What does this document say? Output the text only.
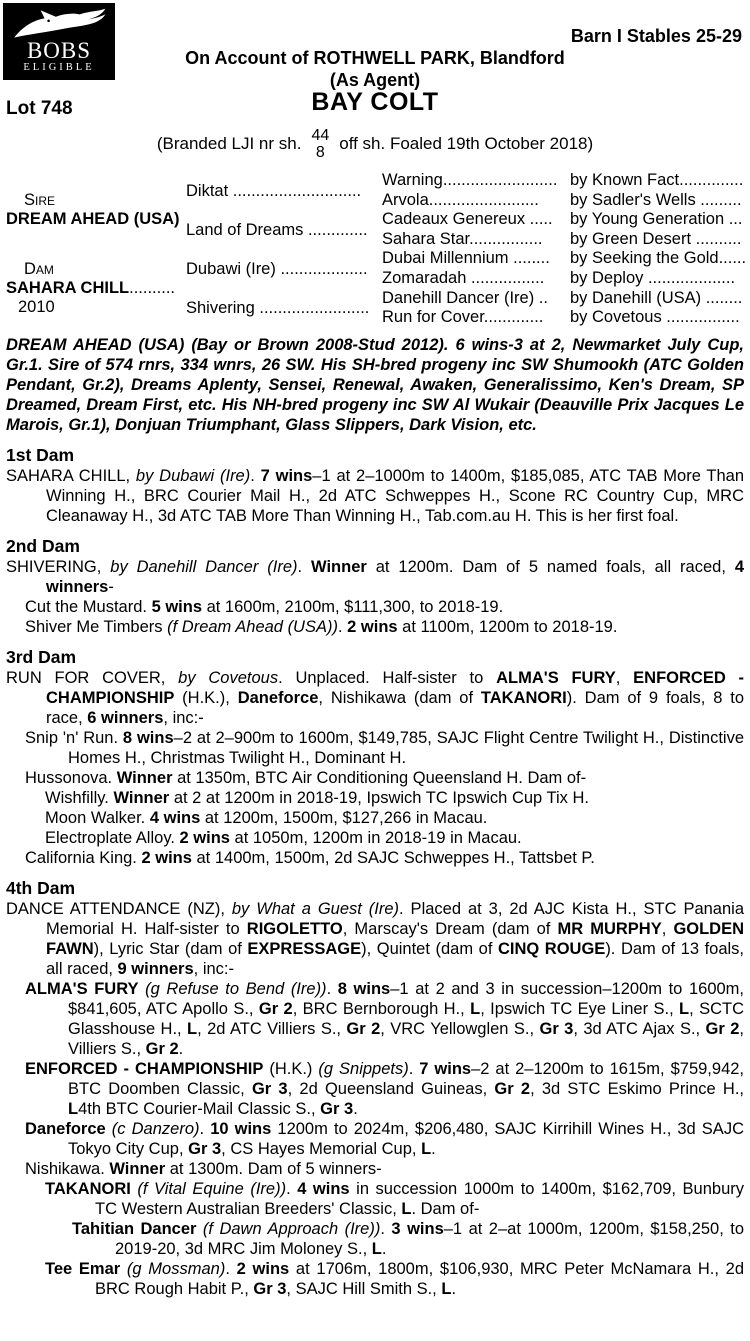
BOBS
ELIGIBLE
Barn I Stables 25-29
On Account of ROTHWELL PARK, Blandford
(As Agent)
Lot 748	BAY COLT
(Branded LJI nr sh. 44
8 off sh. Foaled 19th October 2018)
Sire
DREAM AHEAD (USA)
Dam
SAHARA CHILL..........
2010
Diktat ............................
Land of Dreams .............
Dubawi (Ire) ...................
Shivering ........................
Warning.........................
Arvola........................
Cadeaux Genereux .....
Sahara Star................
Dubai Millennium ........
Zomaradah ................
Danehill Dancer (Ire) ..
Run for Cover.............
by Known Fact..............
by Sadler's Wells .........
by Young Generation ...
by Green Desert ..........
by Seeking the Gold......
by Deploy ...................
by Danehill (USA) ........
by Covetous ................
DREAM AHEAD (USA) (Bay or Brown 2008-Stud 2012). 6 wins-3 at 2, Newmarket July Cup, Gr.1. Sire of 574 rnrs, 334 wnrs, 26 SW. His SH-bred progeny inc SW Shumookh (ATC Golden Pendant, Gr.2), Dreams Aplenty, Sensei, Renewal, Awaken, Generalissimo, Ken's Dream, SP Dreamed, Dream First, etc. His NH-bred progeny inc SW Al Wukair (Deauville Prix Jacques Le Marois, Gr.1), Donjuan Triumphant, Glass Slippers, Dark Vision, etc.
1st Dam
SAHARA CHILL, by Dubawi (Ire). 7 wins–1 at 2–1000m to 1400m, $185,085, ATC TAB More Than Winning H., BRC Courier Mail H., 2d ATC Schweppes H., Scone RC Country Cup, MRC Cleanaway H., 3d ATC TAB More Than Winning H., Tab.com.au H. This is her first foal.
2nd Dam
SHIVERING, by Danehill Dancer (Ire). Winner at 1200m. Dam of 5 named foals, all raced, 4 winners-
Cut the Mustard. 5 wins at 1600m, 2100m, $111,300, to 2018-19.
Shiver Me Timbers (f Dream Ahead (USA)). 2 wins at 1100m, 1200m to 2018-19.
3rd Dam
RUN FOR COVER, by Covetous. Unplaced. Half-sister to ALMA'S FURY, ENFORCED - CHAMPIONSHIP (H.K.), Daneforce, Nishikawa (dam of TAKANORI). Dam of 9 foals, 8 to race, 6 winners, inc:-
Snip 'n' Run. 8 wins–2 at 2–900m to 1600m, $149,785, SAJC Flight Centre Twilight H., Distinctive Homes H., Christmas Twilight H., Dominant H.
Hussonova. Winner at 1350m, BTC Air Conditioning Queensland H. Dam of-
Wishfilly. Winner at 2 at 1200m in 2018-19, Ipswich TC Ipswich Cup Tix H.
Moon Walker. 4 wins at 1200m, 1500m, $127,266 in Macau.
Electroplate Alloy. 2 wins at 1050m, 1200m in 2018-19 in Macau.
California King. 2 wins at 1400m, 1500m, 2d SAJC Schweppes H., Tattsbet P.
4th Dam
DANCE ATTENDANCE (NZ), by What a Guest (Ire). Placed at 3, 2d AJC Kista H., STC Panania Memorial H. Half-sister to RIGOLETTO, Marscay's Dream (dam of MR MURPHY, GOLDEN FAWN), Lyric Star (dam of EXPRESSAGE), Quintet (dam of CINQ ROUGE). Dam of 13 foals, all raced, 9 winners, inc:-
ALMA'S FURY (g Refuse to Bend (Ire)). 8 wins–1 at 2 and 3 in succession–1200m to 1600m, $841,605, ATC Apollo S., Gr 2, BRC Bernborough H., L, Ipswich TC Eye Liner S., L, SCTC Glasshouse H., L, 2d ATC Villiers S., Gr 2, VRC Yellowglen S., Gr 3, 3d ATC Ajax S., Gr 2, Villiers S., Gr 2.
ENFORCED - CHAMPIONSHIP (H.K.) (g Snippets). 7 wins–2 at 2–1200m to 1615m, $759,942, BTC Doomben Classic, Gr 3, 2d Queensland Guineas, Gr 2, 3d STC Eskimo Prince H., L4th BTC Courier-Mail Classic S., Gr 3.
Daneforce (c Danzero). 10 wins 1200m to 2024m, $206,480, SAJC Kirrihill Wines H., 3d SAJC Tokyo City Cup, Gr 3, CS Hayes Memorial Cup, L.
Nishikawa. Winner at 1300m. Dam of 5 winners-
TAKANORI (f Vital Equine (Ire)). 4 wins in succession 1000m to 1400m, $162,709, Bunbury TC Western Australian Breeders' Classic, L. Dam of-
Tahitian Dancer (f Dawn Approach (Ire)). 3 wins–1 at 2–at 1000m, 1200m, $158,250, to 2019-20, 3d MRC Jim Moloney S., L.
Tee Emar (g Mossman). 2 wins at 1706m, 1800m, $106,930, MRC Peter McNamara H., 2d BRC Rough Habit P., Gr 3, SAJC Hill Smith S., L.
